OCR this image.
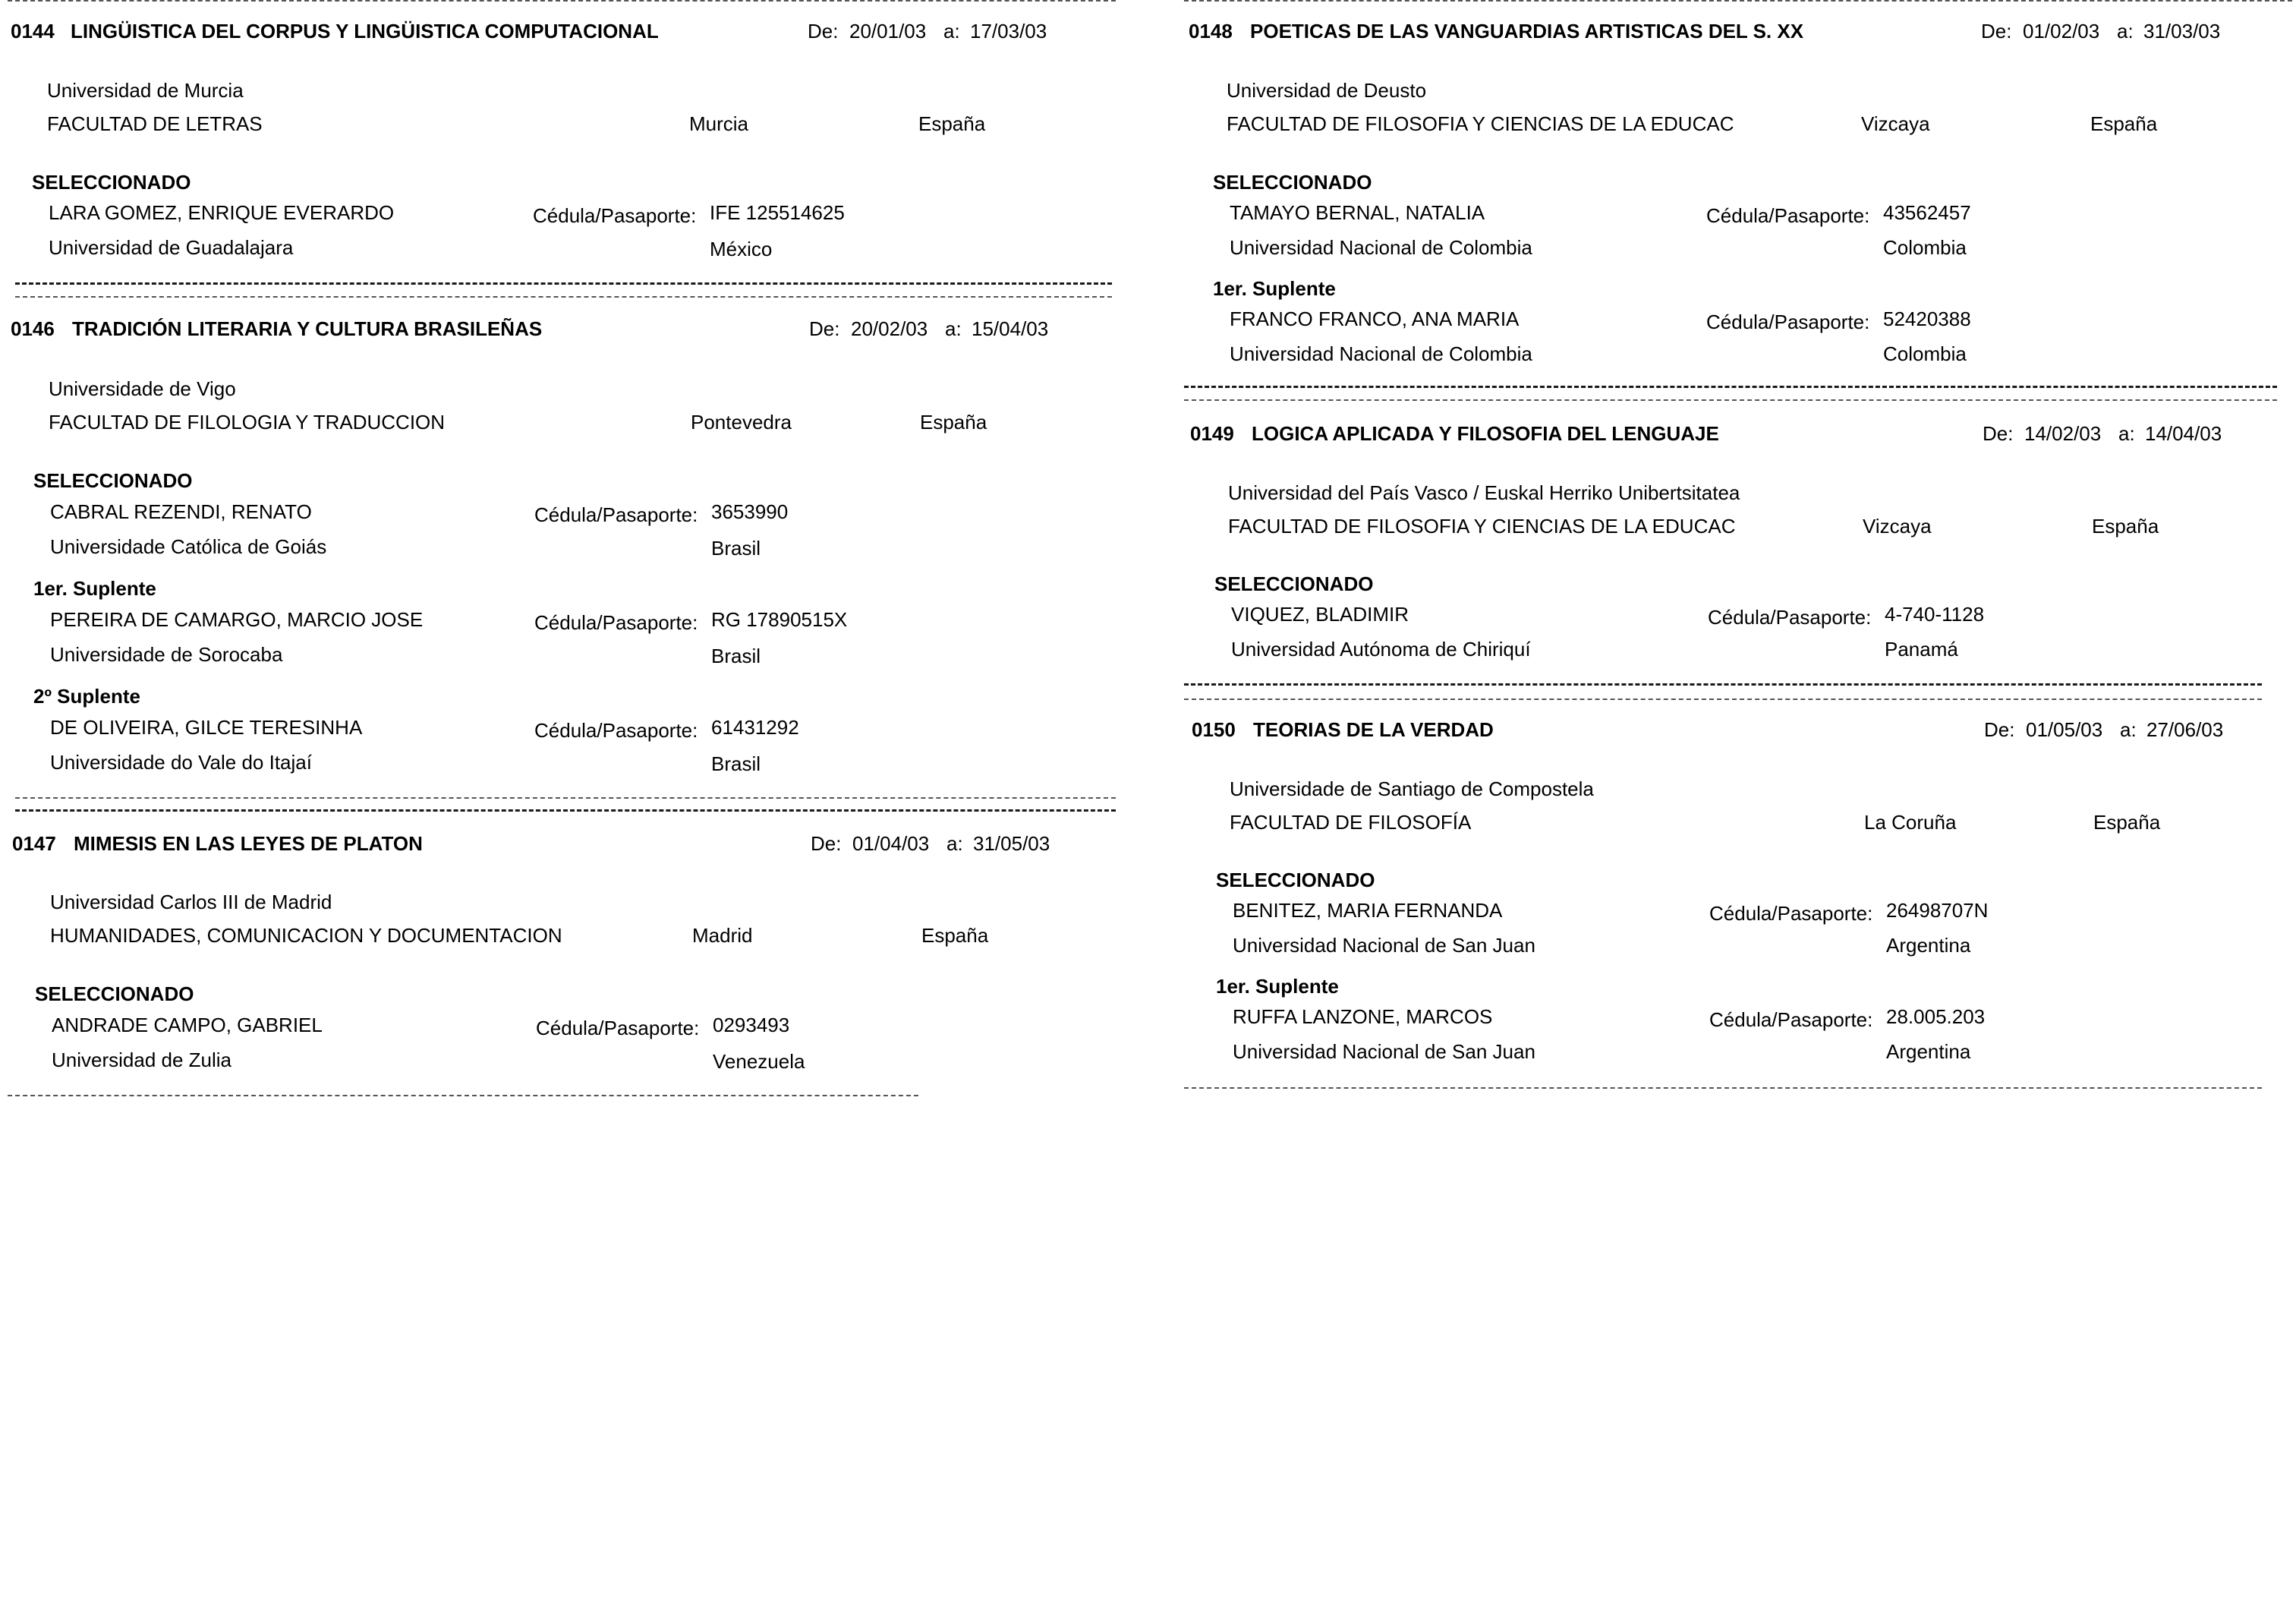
0144 LINGÜISTICA DEL CORPUS Y LINGÜISTICA COMPUTACIONAL	De: 20/01/03 a: 17/03/03
Universidad de Murcia
FACULTAD DE LETRAS	Murcia	España
SELECCIONADO
LARA GOMEZ, ENRIQUE EVERARDO	Cédula/Pasaporte: IFE 125514625
Universidad de Guadalajara	México
0146 TRADICIÓN LITERARIA Y CULTURA BRASILEÑAS	De: 20/02/03 a: 15/04/03
Universidade de Vigo
FACULTAD DE FILOLOGIA Y TRADUCCION	Pontevedra	España
SELECCIONADO
CABRAL REZENDI, RENATO	Cédula/Pasaporte: 3653990
Universidade Católica de Goiás	Brasil
1er. Suplente
PEREIRA DE CAMARGO, MARCIO JOSE	Cédula/Pasaporte: RG 17890515X
Universidade de Sorocaba	Brasil
2º Suplente
DE OLIVEIRA, GILCE TERESINHA	Cédula/Pasaporte: 61431292
Universidade do Vale do Itajaí	Brasil
0147 MIMESIS EN LAS LEYES DE PLATON	De: 01/04/03 a: 31/05/03
Universidad Carlos III de Madrid
HUMANIDADES, COMUNICACION Y DOCUMENTACION	Madrid	España
SELECCIONADO
ANDRADE CAMPO, GABRIEL	Cédula/Pasaporte: 0293493
Universidad de Zulia	Venezuela
0148 POETICAS DE LAS VANGUARDIAS ARTISTICAS DEL S. XX	De: 01/02/03 a: 31/03/03
Universidad de Deusto
FACULTAD DE FILOSOFIA Y CIENCIAS DE LA EDUCAC	Vizcaya	España
SELECCIONADO
TAMAYO BERNAL, NATALIA	Cédula/Pasaporte: 43562457
Universidad Nacional de Colombia	Colombia
1er. Suplente
FRANCO FRANCO, ANA MARIA	Cédula/Pasaporte: 52420388
Universidad Nacional de Colombia	Colombia
0149 LOGICA APLICADA Y FILOSOFIA DEL LENGUAJE	De: 14/02/03 a: 14/04/03
Universidad del País Vasco / Euskal Herriko Unibertsitatea
FACULTAD DE FILOSOFIA Y CIENCIAS DE LA EDUCAC	Vizcaya	España
SELECCIONADO
VIQUEZ, BLADIMIR	Cédula/Pasaporte: 4-740-1128
Universidad Autónoma de Chiriquí	Panamá
0150 TEORIAS DE LA VERDAD	De: 01/05/03 a: 27/06/03
Universidade de Santiago de Compostela
FACULTAD DE FILOSOFÍA	La Coruña	España
SELECCIONADO
BENITEZ, MARIA FERNANDA	Cédula/Pasaporte: 26498707N
Universidad Nacional de San Juan	Argentina
1er. Suplente
RUFFA LANZONE, MARCOS	Cédula/Pasaporte: 28.005.203
Universidad Nacional de San Juan	Argentina
